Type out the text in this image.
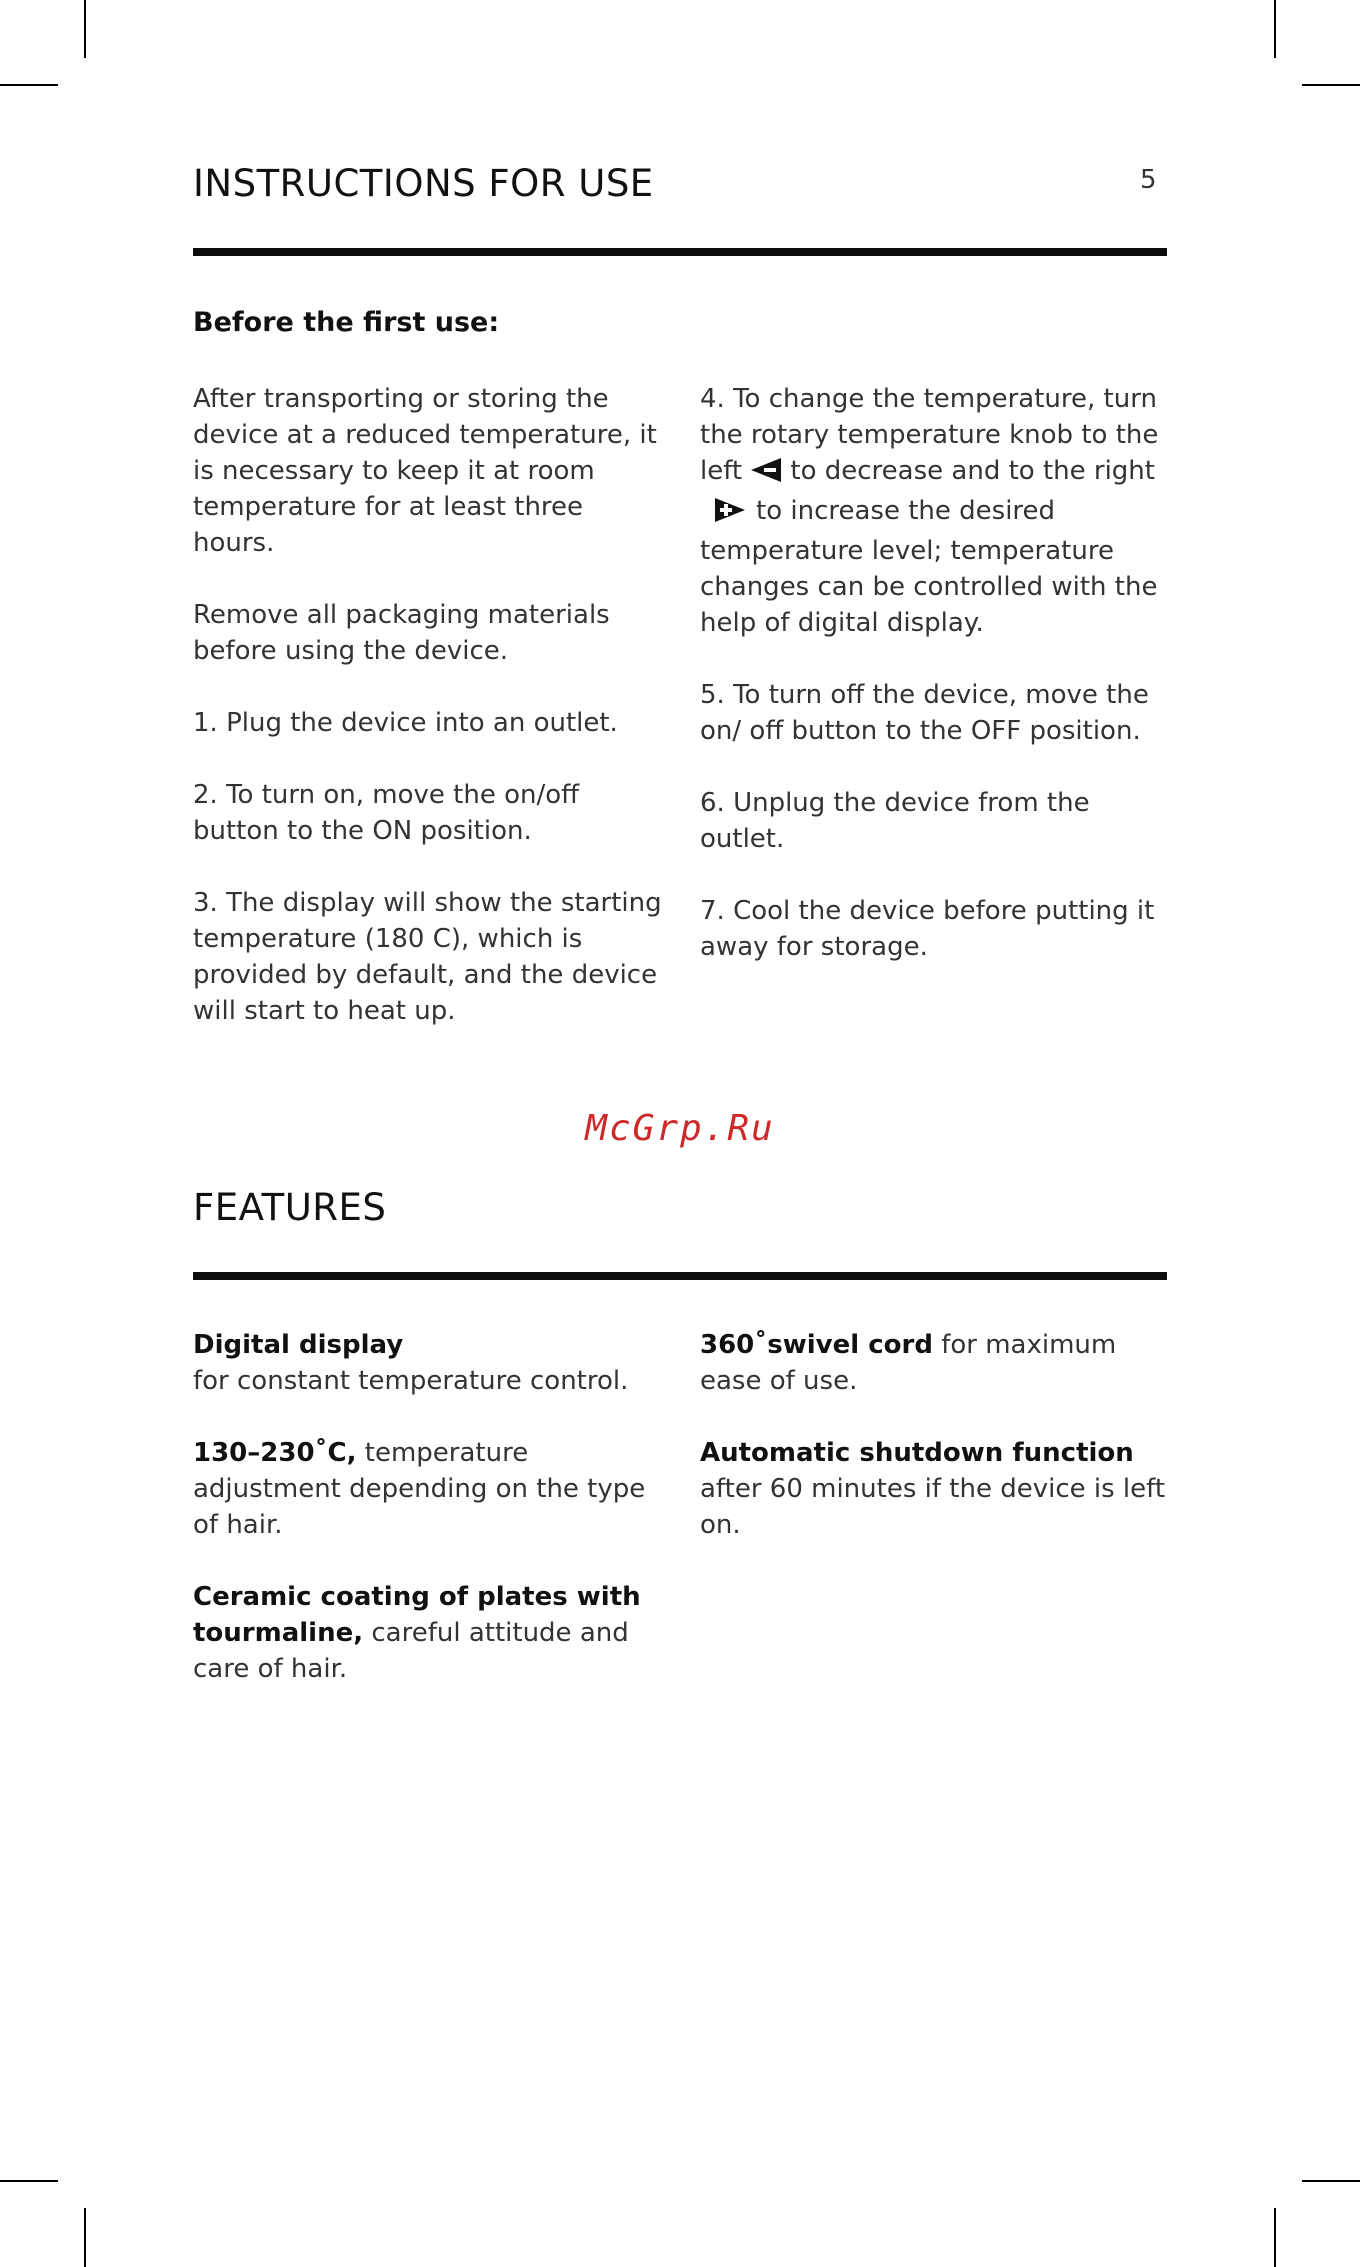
INSTRUCTIONS FOR USE	5
Before the first use:

After transporting or storing the device at a reduced temperature, it is necessary to keep it at room temperature for at least three hours.

Remove all packaging materials before using the device.

1. Plug the device into an outlet.

2. To turn on, move the on/off button to the ON position.

3. The display will show the starting temperature (180 C), which is provided by default, and the device will start to heat up.

4. To change the temperature, turn the rotary temperature knob to the left to decrease and to the right to increase the desired temperature level; temperature changes can be controlled with the help of digital display.

5. To turn off the device, move the on/ off button to the OFF position.

6. Unplug the device from the outlet.

7. Cool the device before putting it away for storage.

McGrp.Ru
FEATURES

Digital display
for constant temperature control.

130–230˚C, temperature adjustment depending on the type of hair.

Ceramic coating of plates with tourmaline, careful attitude and care of hair.

360˚swivel cord for maximum ease of use.

Automatic shutdown function
after 60 minutes if the device is left on.
